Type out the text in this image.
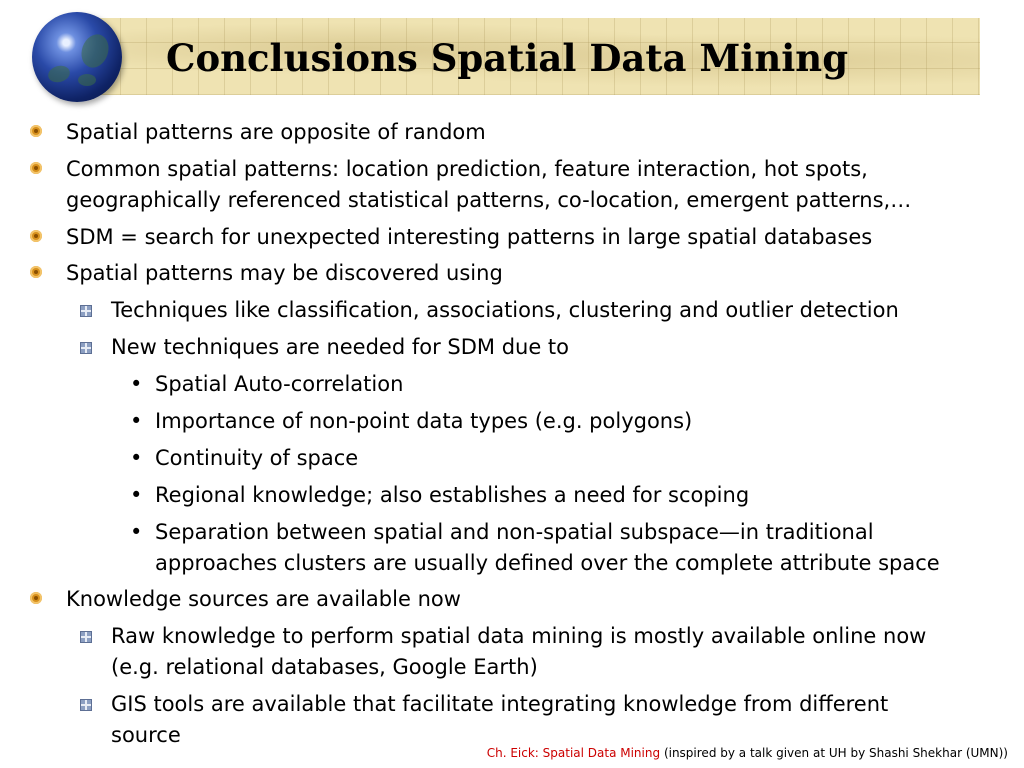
Conclusions Spatial Data Mining
Spatial patterns are opposite of random
Common spatial patterns: location prediction, feature interaction, hot spots,
geographically referenced statistical patterns, co-location, emergent patterns,…
SDM = search for unexpected interesting patterns in large spatial databases
Spatial patterns may be discovered using
Techniques like classification, associations, clustering and outlier detection
New techniques are needed for SDM due to
• Spatial Auto-correlation
• Importance of non-point data types (e.g. polygons)
• Continuity of space
• Regional knowledge; also establishes a need for scoping
• Separation between spatial and non-spatial subspace—in traditional
approaches clusters are usually defined over the complete attribute space
Knowledge sources are available now
Raw knowledge to perform spatial data mining is mostly available online now
(e.g. relational databases, Google Earth)
GIS tools are available that facilitate integrating knowledge from different
source
Ch. Eick: Spatial Data Mining (inspired by a talk given at UH by Shashi Shekhar (UMN))
